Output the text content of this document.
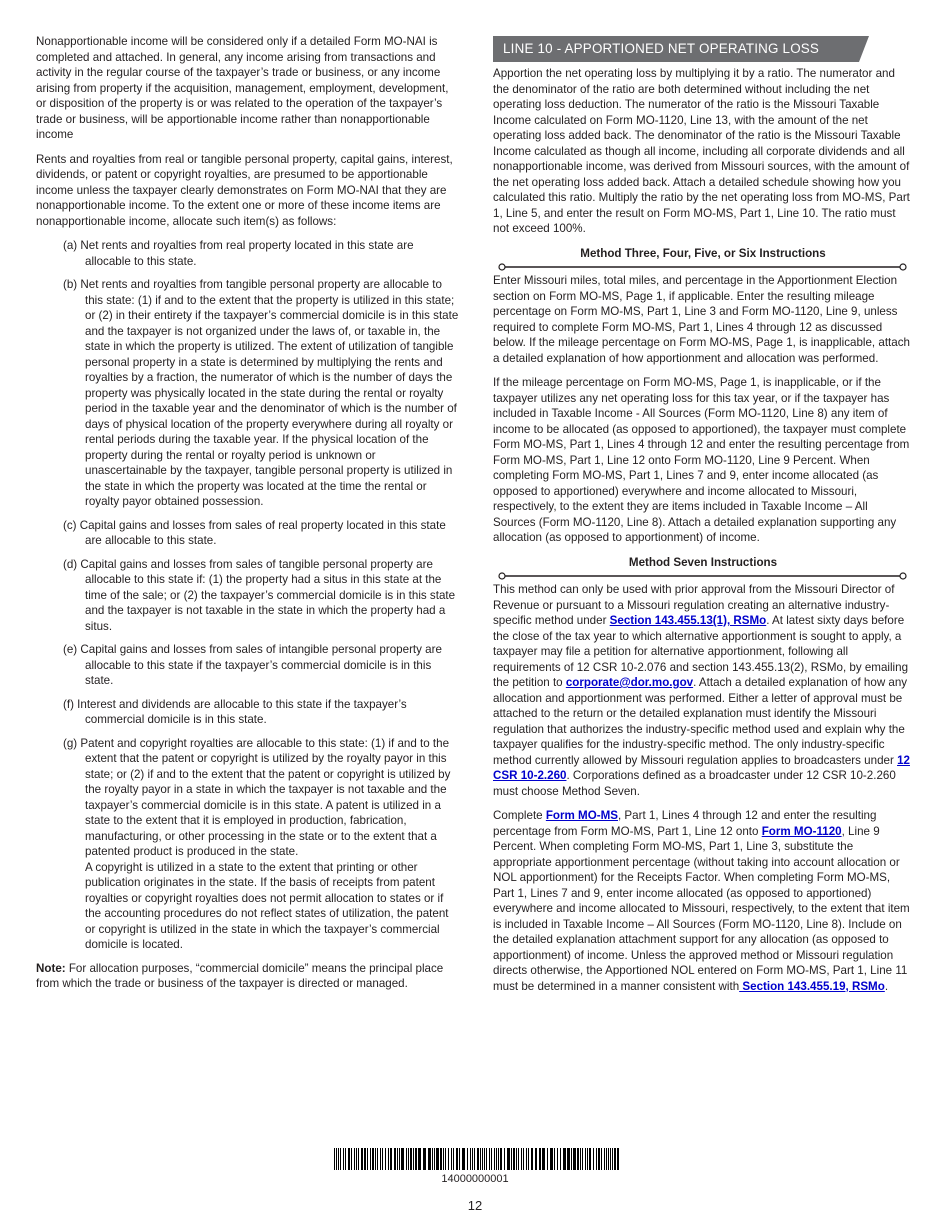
Nonapportionable income will be considered only if a detailed Form MO-NAI is completed and attached. In general, any income arising from transactions and activity in the regular course of the taxpayer’s trade or business, or any income arising from property if the acquisition, management, employment, development, or disposition of the property is or was related to the operation of the taxpayer’s trade or business, will be apportionable income rather than nonapportionable income

Rents and royalties from real or tangible personal property, capital gains, interest, dividends, or patent or copyright royalties, are presumed to be apportionable income unless the taxpayer clearly demonstrates on Form MO-NAI that they are nonapportionable income. To the extent one or more of these income items are nonapportionable income, allocate such item(s) as follows:

(a) Net rents and royalties from real property located in this state are allocable to this state.
(b) Net rents and royalties from tangible personal property are allocable to this state: (1) if and to the extent that the property is utilized in this state; or (2) in their entirety if the taxpayer’s commercial domicile is in this state and the taxpayer is not organized under the laws of, or taxable in, the state in which the property is utilized. The extent of utilization of tangible personal property in a state is determined by multiplying the rents and royalties by a fraction, the numerator of which is the number of days the property was physically located in the state during the rental or royalty period in the taxable year and the denominator of which is the number of days of physical location of the property everywhere during all royalty or rental periods during the taxable year. If the physical location of the property during the rental or royalty period is unknown or unascertainable by the taxpayer, tangible personal property is utilized in the state in which the property was located at the time the rental or royalty payor obtained possession.
(c) Capital gains and losses from sales of real property located in this state are allocable to this state.
(d) Capital gains and losses from sales of tangible personal property are allocable to this state if: (1) the property had a situs in this state at the time of the sale; or (2) the taxpayer’s commercial domicile is in this state and the taxpayer is not taxable in the state in which the property had a situs.
(e) Capital gains and losses from sales of intangible personal property are allocable to this state if the taxpayer’s commercial domicile is in this state.
(f) Interest and dividends are allocable to this state if the taxpayer’s commercial domicile is in this state.
(g) Patent and copyright royalties are allocable to this state: (1) if and to the extent that the patent or copyright is utilized by the royalty payor in this state; or (2) if and to the extent that the patent or copyright is utilized by the royalty payor in a state in which the taxpayer is not taxable and the taxpayer’s commercial domicile is in this state. A patent is utilized in a state to the extent that it is employed in production, fabrication, manufacturing, or other processing in the state or to the extent that a patented product is produced in the state.
A copyright is utilized in a state to the extent that printing or other publication originates in the state. If the basis of receipts from patent royalties or copyright royalties does not permit allocation to states or if the accounting procedures do not reflect states of utilization, the patent or copyright is utilized in the state in which the taxpayer’s commercial domicile is located.

Note: For allocation purposes, “commercial domicile” means the principal place from which the trade or business of the taxpayer is directed or managed.

LINE 10 - APPORTIONED NET OPERATING LOSS

Apportion the net operating loss by multiplying it by a ratio. The numerator and the denominator of the ratio are both determined without including the net operating loss deduction. The numerator of the ratio is the Missouri Taxable Income calculated on Form MO-1120, Line 13, with the amount of the net operating loss added back. The denominator of the ratio is the Missouri Taxable Income calculated as though all income, including all corporate dividends and all nonapportionable income, was derived from Missouri sources, with the amount of the net operating loss added back. Attach a detailed schedule showing how you calculated this ratio. Multiply the ratio by the net operating loss from MO-MS, Part 1, Line 5, and enter the result on Form MO-MS, Part 1, Line 10. The ratio must not exceed 100%.

Method Three, Four, Five, or Six Instructions

Enter Missouri miles, total miles, and percentage in the Apportionment Election section on Form MO-MS, Page 1, if applicable. Enter the resulting mileage percentage on Form MO-MS, Part 1, Line 3 and Form MO-1120, Line 9, unless required to complete Form MO-MS, Part 1, Lines 4 through 12 as discussed below. If the mileage percentage on Form MO-MS, Page 1, is inapplicable, attach a detailed explanation of how apportionment and allocation was performed.

If the mileage percentage on Form MO-MS, Page 1, is inapplicable, or if the taxpayer utilizes any net operating loss for this tax year, or if the taxpayer has included in Taxable Income - All Sources (Form MO-1120, Line 8) any item of income to be allocated (as opposed to apportioned), the taxpayer must complete Form MO-MS, Part 1, Lines 4 through 12 and enter the resulting percentage from Form MO-MS, Part 1, Line 12 onto Form MO-1120, Line 9 Percent. When completing Form MO-MS, Part 1, Lines 7 and 9, enter income allocated (as opposed to apportioned) everywhere and income allocated to Missouri, respectively, to the extent they are items included in Taxable Income – All Sources (Form MO-1120, Line 8). Attach a detailed explanation supporting any allocation (as opposed to apportionment) of income.

Method Seven Instructions

This method can only be used with prior approval from the Missouri Director of Revenue or pursuant to a Missouri regulation creating an alternative industry-specific method under Section 143.455.13(1), RSMo. At latest sixty days before the close of the tax year to which alternative apportionment is sought to apply, a taxpayer may file a petition for alternative apportionment, following all requirements of 12 CSR 10-2.076 and section 143.455.13(2), RSMo, by emailing the petition to corporate@dor.mo.gov. Attach a detailed explanation of how any allocation and apportionment was performed. Either a letter of approval must be attached to the return or the detailed explanation must identify the Missouri regulation that authorizes the industry-specific method used and explain why the taxpayer qualifies for the industry-specific method. The only industry-specific method currently allowed by Missouri regulation applies to broadcasters under 12 CSR 10-2.260. Corporations defined as a broadcaster under 12 CSR 10-2.260 must choose Method Seven.

Complete Form MO-MS, Part 1, Lines 4 through 12 and enter the resulting percentage from Form MO-MS, Part 1, Line 12 onto Form MO-1120, Line 9 Percent. When completing Form MO-MS, Part 1, Line 3, substitute the appropriate apportionment percentage (without taking into account allocation or NOL apportionment) for the Receipts Factor. When completing Form MO-MS, Part 1, Lines 7 and 9, enter income allocated (as opposed to apportioned) everywhere and income allocated to Missouri, respectively, to the extent that item is included in Taxable Income – All Sources (Form MO-1120, Line 8). Include on the detailed explanation attachment support for any allocation (as opposed to apportionment) of income. Unless the approved method or Missouri regulation directs otherwise, the Apportioned NOL entered on Form MO-MS, Part 1, Line 11 must be determined in a manner consistent with Section 143.455.19, RSMo.

14000000001
12
